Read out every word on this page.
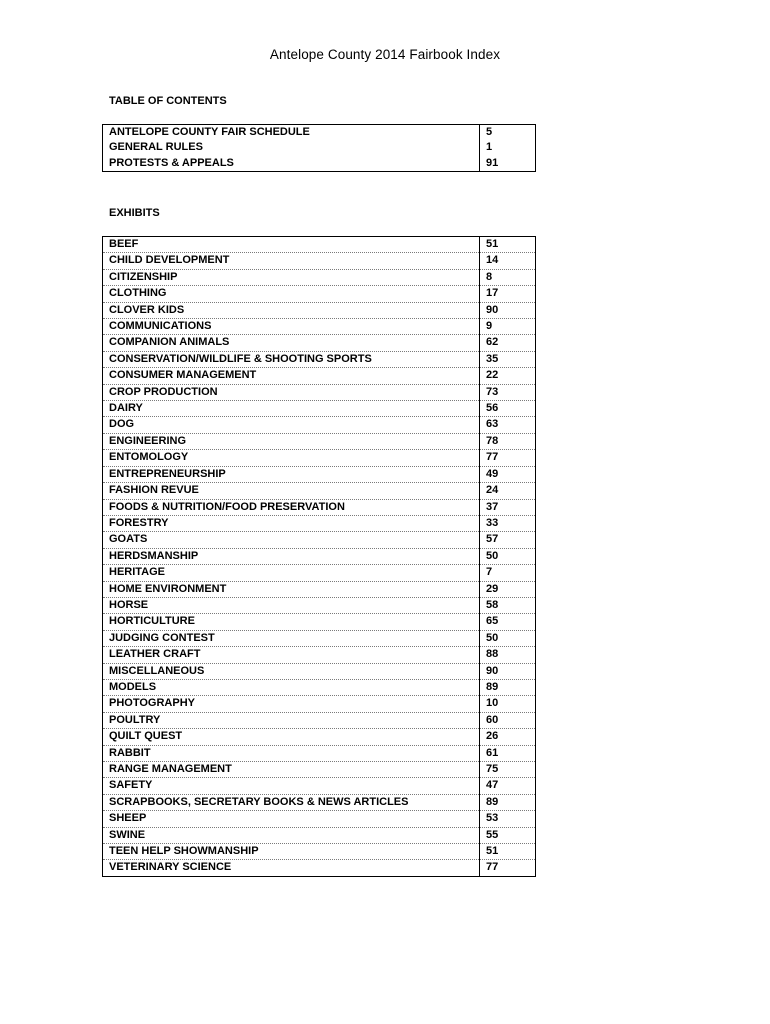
Antelope County 2014 Fairbook Index
TABLE OF CONTENTS
ANTELOPE COUNTY FAIR SCHEDULE	5
GENERAL RULES	1
PROTESTS & APPEALS	91
EXHIBITS
BEEF	51
CHILD DEVELOPMENT	14
CITIZENSHIP	8
CLOTHING	17
CLOVER KIDS	90
COMMUNICATIONS	9
COMPANION ANIMALS	62
CONSERVATION/WILDLIFE & SHOOTING SPORTS	35
CONSUMER MANAGEMENT	22
CROP PRODUCTION	73
DAIRY	56
DOG	63
ENGINEERING	78
ENTOMOLOGY	77
ENTREPRENEURSHIP	49
FASHION REVUE	24
FOODS & NUTRITION/FOOD PRESERVATION	37
FORESTRY	33
GOATS	57
HERDSMANSHIP	50
HERITAGE	7
HOME ENVIRONMENT	29
HORSE	58
HORTICULTURE	65
JUDGING CONTEST	50
LEATHER CRAFT	88
MISCELLANEOUS	90
MODELS	89
PHOTOGRAPHY	10
POULTRY	60
QUILT QUEST	26
RABBIT	61
RANGE MANAGEMENT	75
SAFETY	47
SCRAPBOOKS, SECRETARY BOOKS & NEWS ARTICLES	89
SHEEP	53
SWINE	55
TEEN HELP SHOWMANSHIP	51
VETERINARY SCIENCE	77
